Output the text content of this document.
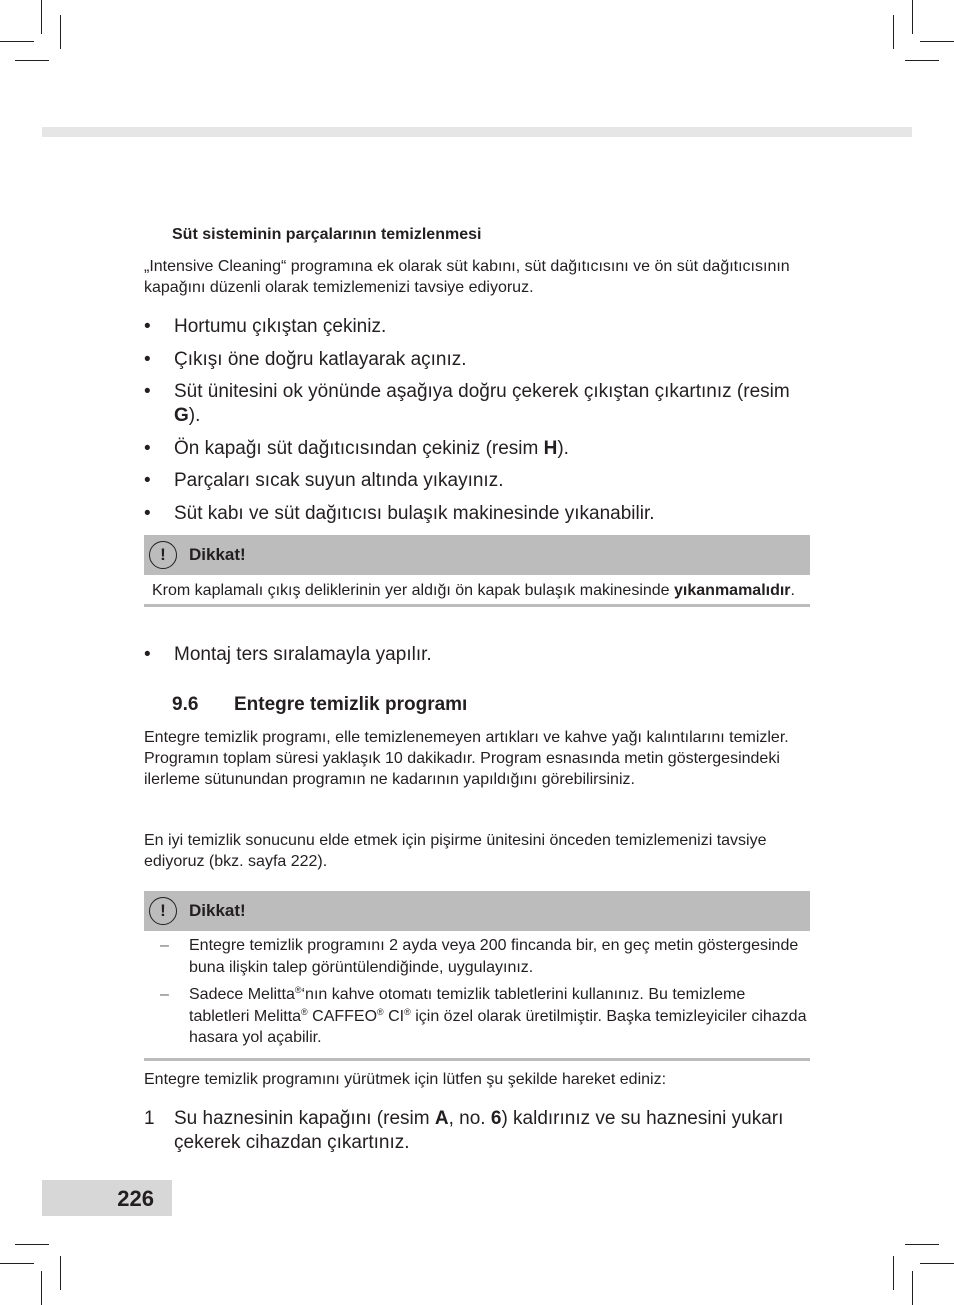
Süt sisteminin parçalarının temizlenmesi
„Intensive Cleaning“ programına ek olarak süt kabını, süt dağıtıcısını ve ön süt dağıtıcısının kapağını düzenli olarak temizlemenizi tavsiye ediyoruz.
• Hortumu çıkıştan çekiniz.
• Çıkışı öne doğru katlayarak açınız.
• Süt ünitesini ok yönünde aşağıya doğru çekerek çıkıştan çıkartınız (resim G).
• Ön kapağı süt dağıtıcısından çekiniz (resim H).
• Parçaları sıcak suyun altında yıkayınız.
• Süt kabı ve süt dağıtıcısı bulaşık makinesinde yıkanabilir.
!	Dikkat!
Krom kaplamalı çıkış deliklerinin yer aldığı ön kapak bulaşık makinesinde yıkanmamalıdır.
• Montaj ters sıralamayla yapılır.
9.6 Entegre temizlik programı
Entegre temizlik programı, elle temizlenemeyen artıkları ve kahve yağı kalıntılarını temizler. Programın toplam süresi yaklaşık 10 dakikadır. Program esnasında metin göstergesindeki ilerleme sütunundan programın ne kadarının yapıldığını görebilirsiniz.
En iyi temizlik sonucunu elde etmek için pişirme ünitesini önceden temizlemenizi tavsiye ediyoruz (bkz. sayfa 222).
!	Dikkat!
– Entegre temizlik programını 2 ayda veya 200 fincanda bir, en geç metin göstergesinde buna ilişkin talep görüntülendiğinde, uygulayınız.
– Sadece Melitta®‘nın kahve otomatı temizlik tabletlerini kullanınız. Bu temizleme tabletleri Melitta® CAFFEO® CI® için özel olarak üretilmiştir. Başka temizleyiciler cihazda hasara yol açabilir.
Entegre temizlik programını yürütmek için lütfen şu şekilde hareket ediniz:
1 Su haznesinin kapağını (resim A, no. 6) kaldırınız ve su haznesini yukarı çekerek cihazdan çıkartınız.
226
